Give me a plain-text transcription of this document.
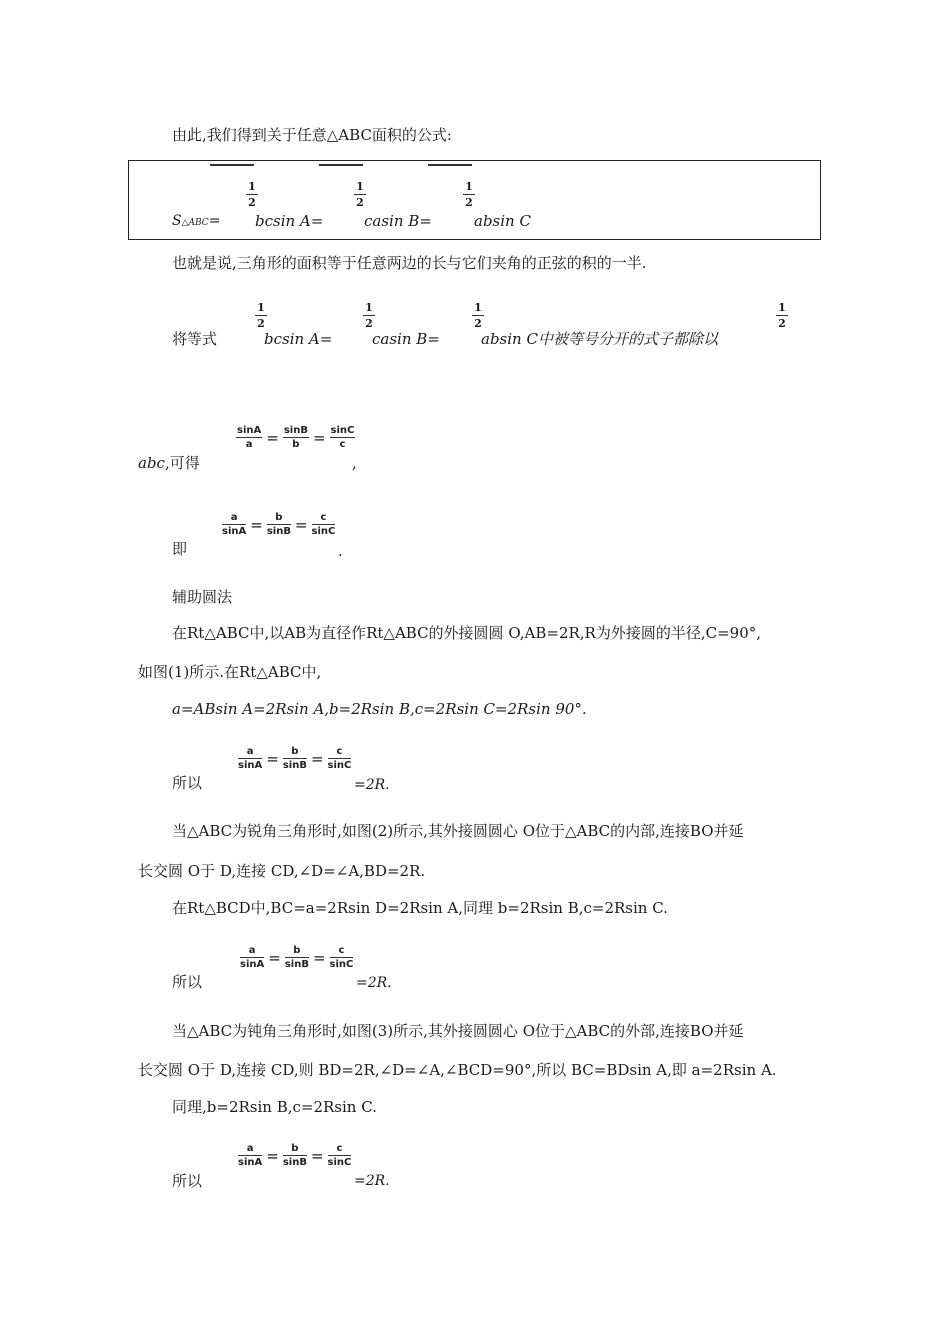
由此,我们得到关于任意△ABC面积的公式:
1
2
1
2
1
2
S△ABC= bcsin A=	casin B=	absin C
也就是说,三角形的面积等于任意两边的长与它们夹角的正弦的积的一半.
1
2
1
2
1
2
1
2
将等式	bcsin A=	casin B=	absin C中被等号分开的式子都除以
abc,可得
$\frac{\sin A}{a} = \frac{\sin B}{b} = \frac{\sin C}{c}$
,
即
$\frac{a}{\sin A} = \frac{b}{\sin B} = \frac{c}{\sin C}$
.
辅助圆法
在Rt△ABC中,以AB为直径作Rt△ABC的外接圆圆 O,AB=2R,R为外接圆的半径,C=90°,
如图(1)所示.在Rt△ABC中,
a=ABsin A=2Rsin A,b=2Rsin B,c=2Rsin C=2Rsin 90°.
所以
$\frac{a}{\sin A} = \frac{b}{\sin B} = \frac{c}{\sin C}$
=2R.
当△ABC为锐角三角形时,如图(2)所示,其外接圆圆心 O位于△ABC的内部,连接BO并延
长交圆 O于 D,连接 CD,∠D=∠A,BD=2R.
在Rt△BCD中,BC=a=2Rsin D=2Rsin A,同理 b=2Rsin B,c=2Rsin C.
所以
$\frac{a}{\sin A} = \frac{b}{\sin B} = \frac{c}{\sin C}$
=2R.
当△ABC为钝角三角形时,如图(3)所示,其外接圆圆心 O位于△ABC的外部,连接BO并延
长交圆 O于 D,连接 CD,则 BD=2R,∠D=∠A,∠BCD=90°,所以 BC=BDsin A,即 a=2Rsin A.
同理,b=2Rsin B,c=2Rsin C.
所以
$\frac{a}{\sin A} = \frac{b}{\sin B} = \frac{c}{\sin C}$
=2R.
